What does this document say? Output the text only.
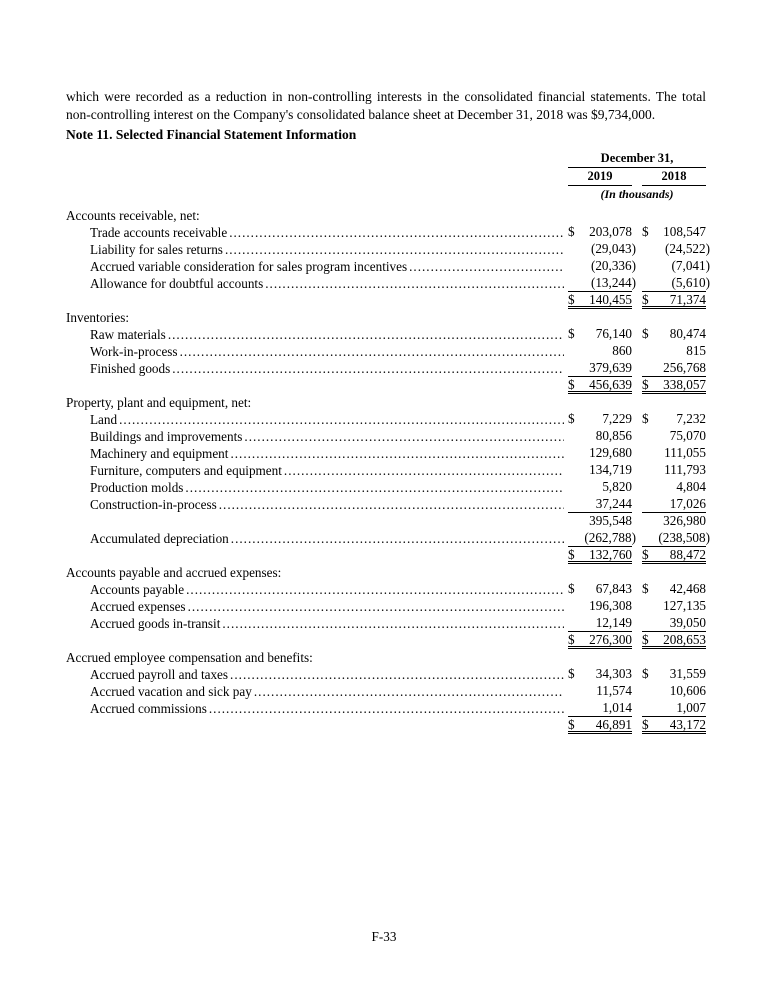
which were recorded as a reduction in non-controlling interests in the consolidated financial statements. The total non-controlling interest on the Company's consolidated balance sheet at December 31, 2018 was $9,734,000.

Note 11. Selected Financial Statement Information
December 31,
2019	2018
(In thousands)
Accounts receivable, net:
Trade accounts receivable .....	$ 203,078 $ 108,547
Liability for sales returns .....	(29,043) (24,522)
Accrued variable consideration for sales program incentives .....	(20,336)	(7,041)
Allowance for doubtful accounts .....	(13,244)	(5,610)
$ 140,455 $ 71,374
Inventories:
Raw materials .....	$ 76,140 $ 80,474
Work-in-process .....	860	815
Finished goods .....	379,639 256,768
$ 456,639 $ 338,057
Property, plant and equipment, net:
Land .....	$ 7,229 $ 7,232
Buildings and improvements .....	80,856	75,070
Machinery and equipment .....	129,680 111,055
Furniture, computers and equipment .....	134,719 111,793
Production molds .....	5,820	4,804
Construction-in-process .....	37,244	17,026
395,548 326,980
Accumulated depreciation .....	(262,788) (238,508)
$ 132,760 $ 88,472
Accounts payable and accrued expenses:
Accounts payable .....	$ 67,843 $ 42,468
Accrued expenses .....	196,308 127,135
Accrued goods in-transit .....	12,149	39,050
$ 276,300 $ 208,653
Accrued employee compensation and benefits:
Accrued payroll and taxes .....	$ 34,303 $ 31,559
Accrued vacation and sick pay .....	11,574	10,606
Accrued commissions .....	1,014	1,007
$ 46,891 $ 43,172
F-33
